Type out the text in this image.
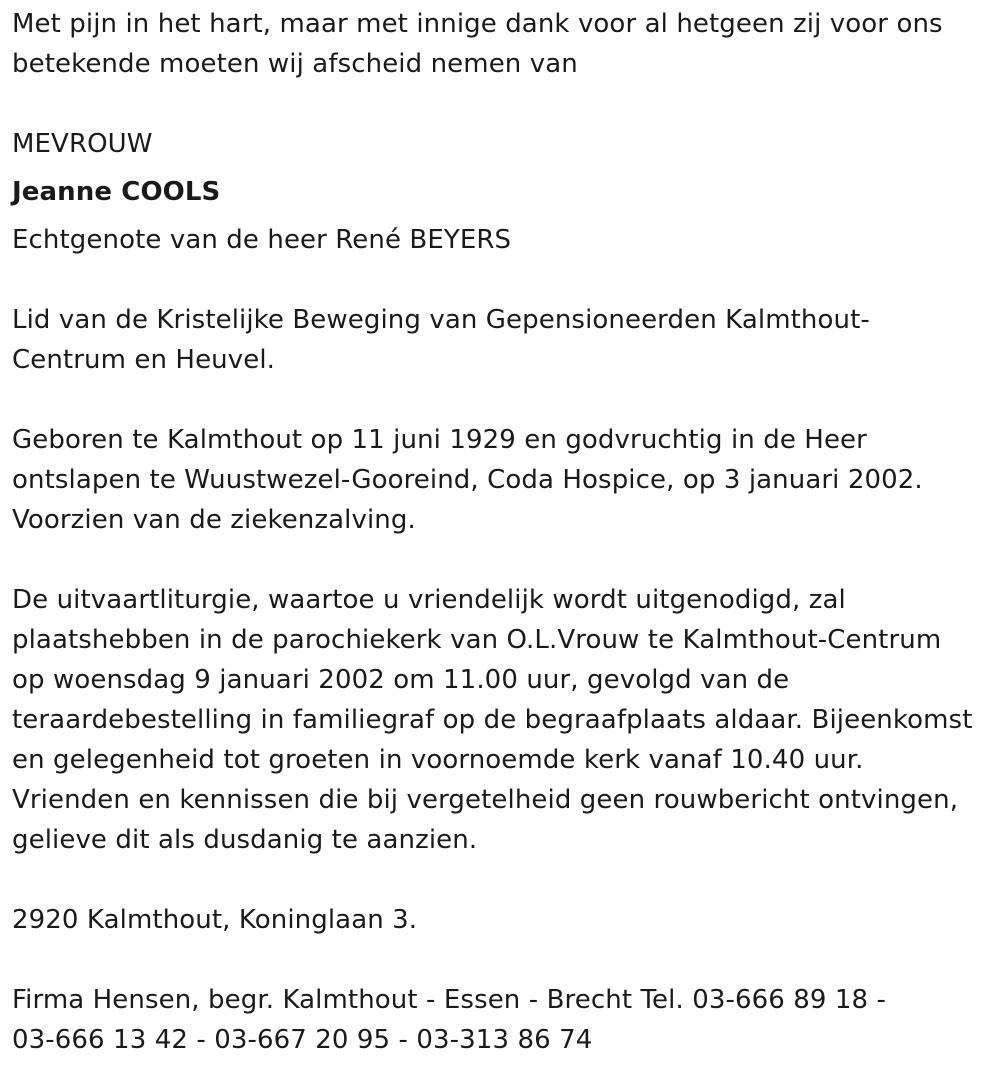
Met pijn in het hart, maar met innige dank voor al hetgeen zij voor ons
betekende moeten wij afscheid nemen van
MEVROUW
Jeanne COOLS
Echtgenote van de heer René BEYERS
Lid van de Kristelijke Beweging van Gepensioneerden Kalmthout-
Centrum en Heuvel.
Geboren te Kalmthout op 11 juni 1929 en godvruchtig in de Heer
ontslapen te Wuustwezel-Gooreind, Coda Hospice, op 3 januari 2002.
Voorzien van de ziekenzalving.
De uitvaartliturgie, waartoe u vriendelijk wordt uitgenodigd, zal
plaatshebben in de parochiekerk van O.L.Vrouw te Kalmthout-Centrum
op woensdag 9 januari 2002 om 11.00 uur, gevolgd van de
teraardebestelling in familiegraf op de begraafplaats aldaar. Bijeenkomst
en gelegenheid tot groeten in voornoemde kerk vanaf 10.40 uur.
Vrienden en kennissen die bij vergetelheid geen rouwbericht ontvingen,
gelieve dit als dusdanig te aanzien.
2920 Kalmthout, Koninglaan 3.
Firma Hensen, begr. Kalmthout - Essen - Brecht Tel. 03-666 89 18 -
03-666 13 42 - 03-667 20 95 - 03-313 86 74
